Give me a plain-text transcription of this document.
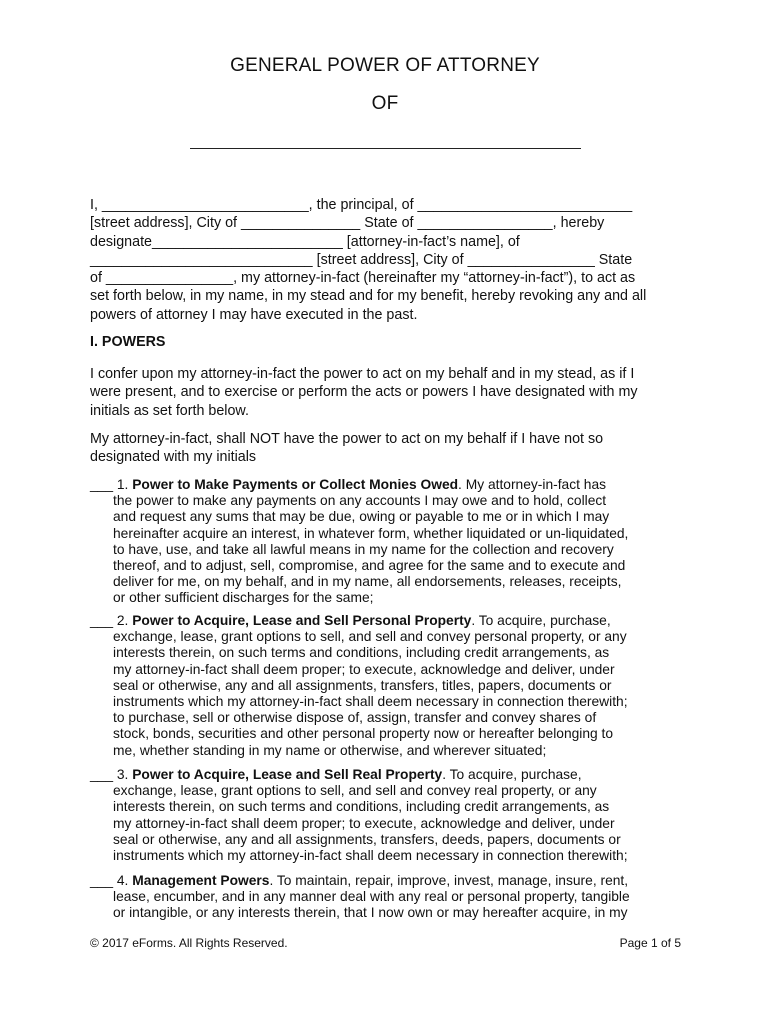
GENERAL POWER OF ATTORNEY
OF

I, __________________________, the principal, of ___________________________
[street address], City of _______________ State of _________________, hereby
designate________________________ [attorney-in-fact’s name], of
____________________________ [street address], City of ________________ State
of ________________, my attorney-in-fact (hereinafter my “attorney-in-fact”), to act as
set forth below, in my name, in my stead and for my benefit, hereby revoking any and all
powers of attorney I may have executed in the past.

I. POWERS

I confer upon my attorney-in-fact the power to act on my behalf and in my stead, as if I
were present, and to exercise or perform the acts or powers I have designated with my
initials as set forth below.

My attorney-in-fact, shall NOT have the power to act on my behalf if I have not so
designated with my initials

___ 1. Power to Make Payments or Collect Monies Owed. My attorney-in-fact has
the power to make any payments on any accounts I may owe and to hold, collect
and request any sums that may be due, owing or payable to me or in which I may
hereinafter acquire an interest, in whatever form, whether liquidated or un-liquidated,
to have, use, and take all lawful means in my name for the collection and recovery
thereof, and to adjust, sell, compromise, and agree for the same and to execute and
deliver for me, on my behalf, and in my name, all endorsements, releases, receipts,
or other sufficient discharges for the same;

___ 2. Power to Acquire, Lease and Sell Personal Property. To acquire, purchase,
exchange, lease, grant options to sell, and sell and convey personal property, or any
interests therein, on such terms and conditions, including credit arrangements, as
my attorney-in-fact shall deem proper; to execute, acknowledge and deliver, under
seal or otherwise, any and all assignments, transfers, titles, papers, documents or
instruments which my attorney-in-fact shall deem necessary in connection therewith;
to purchase, sell or otherwise dispose of, assign, transfer and convey shares of
stock, bonds, securities and other personal property now or hereafter belonging to
me, whether standing in my name or otherwise, and wherever situated;

___ 3. Power to Acquire, Lease and Sell Real Property. To acquire, purchase,
exchange, lease, grant options to sell, and sell and convey real property, or any
interests therein, on such terms and conditions, including credit arrangements, as
my attorney-in-fact shall deem proper; to execute, acknowledge and deliver, under
seal or otherwise, any and all assignments, transfers, deeds, papers, documents or
instruments which my attorney-in-fact shall deem necessary in connection therewith;

___ 4. Management Powers. To maintain, repair, improve, invest, manage, insure, rent,
lease, encumber, and in any manner deal with any real or personal property, tangible
or intangible, or any interests therein, that I now own or may hereafter acquire, in my

© 2017 eForms. All Rights Reserved.	Page 1 of 5
